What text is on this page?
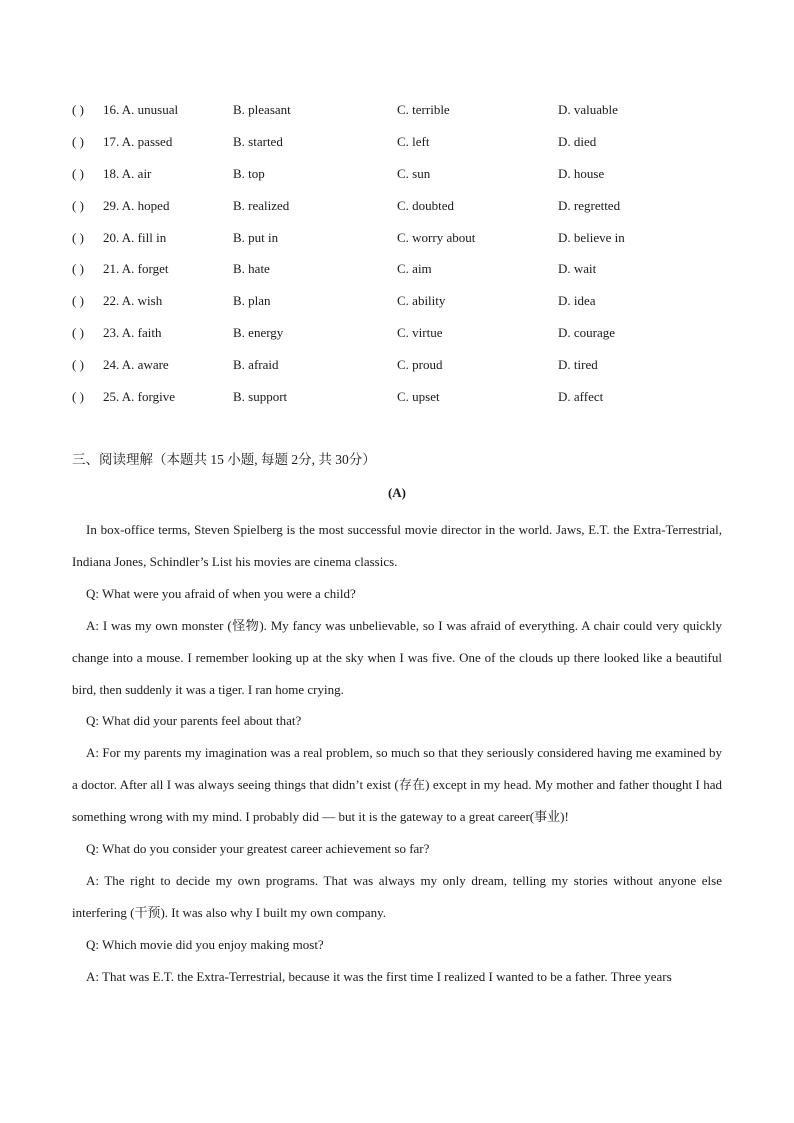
( ) 16. A. unusual	B. pleasant	C. terrible	D. valuable
( ) 17. A. passed	B. started	C. left	D. died
( ) 18. A. air	B. top	C. sun	D. house
( ) 29. A. hoped	B. realized	C. doubted	D. regretted
( ) 20. A. fill in	B. put in	C. worry about	D. believe in
( ) 21. A. forget	B. hate	C. aim	D. wait
( ) 22. A. wish	B. plan	C. ability	D. idea
( ) 23. A. faith	B. energy	C. virtue	D. courage
( ) 24. A. aware	B. afraid	C. proud	D. tired
( ) 25. A. forgive	B. support	C. upset	D. affect
三、阅读理解（本题共 15 小题, 每题 2分, 共 30分）
(A)

In box-office terms, Steven Spielberg is the most successful movie director in the world. Jaws, E.T. the Extra-Terrestrial, Indiana Jones, Schindler’s List his movies are cinema classics.

Q: What were you afraid of when you were a child?

A: I was my own monster (怪物). My fancy was unbelievable, so I was afraid of everything. A chair could very quickly change into a mouse. I remember looking up at the sky when I was five. One of the clouds up there looked like a beautiful bird, then suddenly it was a tiger. I ran home crying.

Q: What did your parents feel about that?

A: For my parents my imagination was a real problem, so much so that they seriously considered having me examined by a doctor. After all I was always seeing things that didn’t exist (存在) except in my head. My mother and father thought I had something wrong with my mind. I probably did — but it is the gateway to a great career(事业)!

Q: What do you consider your greatest career achievement so far?

A: The right to decide my own programs. That was always my only dream, telling my stories without anyone else interfering (干预). It was also why I built my own company.

Q: Which movie did you enjoy making most?

A: That was E.T. the Extra-Terrestrial, because it was the first time I realized I wanted to be a father. Three years
